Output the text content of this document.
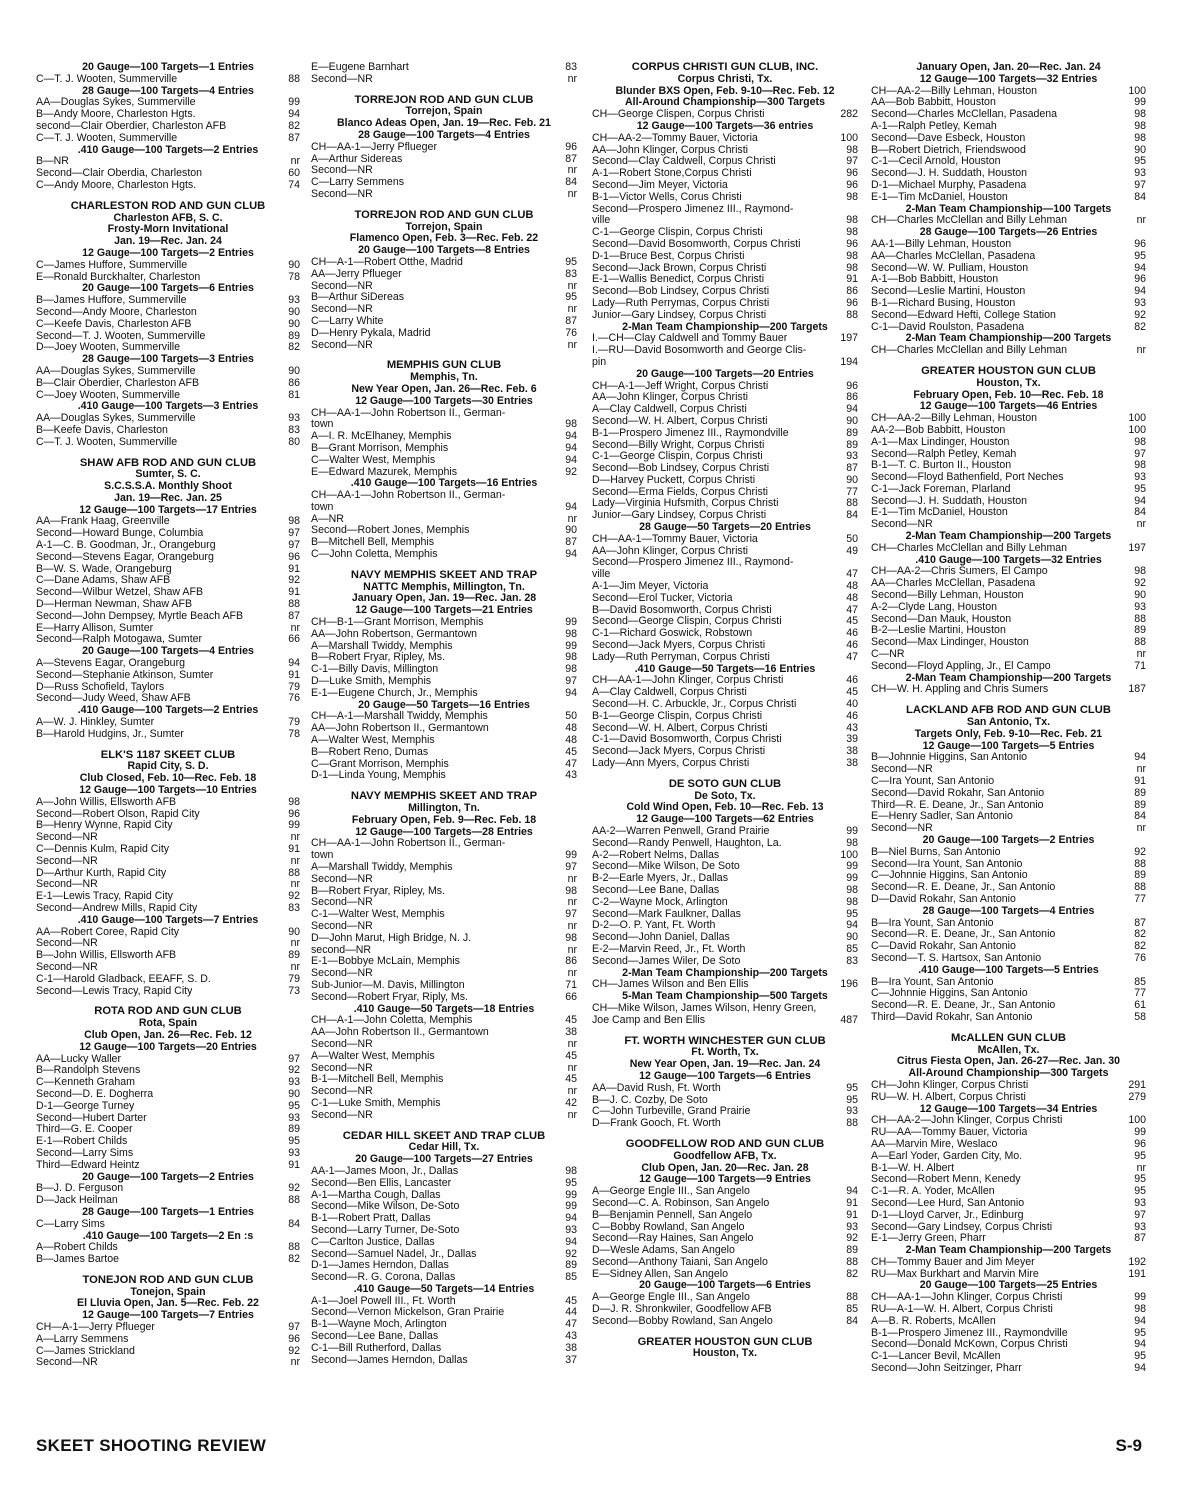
20 Gauge—100 Targets—1 Entries
C—T. J. Wooten, Summerville	88
28 Gauge—100 Targets—4 Entries
AA—Douglas Sykes, Summerville	99
B—Andy Moore, Charleston Hgts.	94
second—Clair Oberdier, Charleston AFB	82
C—T. J. Wooten, Summerville	87
.410 Gauge—100 Targets—2 Entries
B—NR	nr
Second—Clair Oberdia, Charleston	60
C—Andy Moore, Charleston Hgts.	74
CHARLESTON ROD AND GUN CLUB
Charleston AFB, S. C.
Frosty-Morn Invitational
Jan. 19—Rec. Jan. 24
12 Gauge—100 Targets—2 Entries
C—James Huffore, Summerville	90
E—Ronald Burckhalter, Charleston	78
20 Gauge—100 Targets—6 Entries
B—James Huffore, Summerville	93
Second—Andy Moore, Charleston	90
C—Keefe Davis, Charleston AFB	90
Second—T. J. Wooten, Summerville	89
D—Joey Wooten, Summerville	82
28 Gauge—100 Targets—3 Entries
AA—Douglas Sykes, Summerville	90
B—Clair Oberdier, Charleston AFB	86
C—Joey Wooten, Summerville	81
.410 Gauge—100 Targets—3 Entries
AA—Douglas Sykes, Summerville	93
B—Keefe Davis, Charleston	83
C—T. J. Wooten, Summerville	80
SHAW AFB ROD AND GUN CLUB
Sumter, S. C.
S.C.S.S.A. Monthly Shoot
Jan. 19—Rec. Jan. 25
12 Gauge—100 Targets—17 Entries
AA—Frank Haag, Greenville	98
Second—Howard Bunge, Columbia	97
A-1—C. B. Goodman, Jr., Orangeburg	97
Second—Stevens Eagar, Orangeburg	96
B—W. S. Wade, Orangeburg	91
C—Dane Adams, Shaw AFB	92
Second—Wilbur Wetzel, Shaw AFB	91
D—Herman Newman, Shaw AFB	88
Second—John Dempsey, Myrtle Beach AFB	87
E—Harry Allison, Sumter	nr
Second—Ralph Motogawa, Sumter	66
20 Gauge—100 Targets—4 Entries
A—Stevens Eagar, Orangeburg	94
Second—Stephanie Atkinson, Sumter	91
D—Russ Schofield, Taylors	79
Second—Judy Weed, Shaw AFB	76
.410 Gauge—100 Targets—2 Entries
A—W. J. Hinkley, Sumter	79
B—Harold Hudgins, Jr., Sumter	78
ELK'S 1187 SKEET CLUB
Rapid City, S. D.
Club Closed, Feb. 10—Rec. Feb. 18
12 Gauge—100 Targets—10 Entries
A—John Willis, Ellsworth AFB	98
Second—Robert Olson, Rapid City	96
B—Henry Wynne, Rapid City	99
Second—NR	nr
C—Dennis Kulm, Rapid City	91
Second—NR	nr
D—Arthur Kurth, Rapid City	88
Second—NR	nr
E-1—Lewis Tracy, Rapid City	92
Second—Andrew Mills, Rapid City	83
.410 Gauge—100 Targets—7 Entries
AA—Robert Coree, Rapid City	90
Second—NR	nr
B—John Willis, Ellsworth AFB	89
Second—NR	nr
C-1—Harold Gladback, EEAFF, S. D.	79
Second—Lewis Tracy, Rapid City	73
ROTA ROD AND GUN CLUB
Rota, Spain
Club Open, Jan. 26—Rec. Feb. 12
12 Gauge—100 Targets—20 Entries
AA—Lucky Waller	97
B—Randolph Stevens	92
C—Kenneth Graham	93
Second—D. E. Dogherra	90
D-1—George Turney	95
Second—Hubert Darter	93
Third—G. E. Cooper	89
E-1—Robert Childs	95
Second—Larry Sims	93
Third—Edward Heintz	91
20 Gauge—100 Targets—2 Entries
B—J. D. Ferguson	92
D—Jack Heilman	88
28 Gauge—100 Targets—1 Entries
C—Larry Sims	84
.410 Gauge—100 Targets—2 En :s
A—Robert Childs	88
B—James Bartoe	82
TONEJON ROD AND GUN CLUB
Tonejon, Spain
El Lluvia Open, Jan. 5—Rec. Feb. 22
12 Gauge—100 Targets—7 Entries
CH—A-1—Jerry Pflueger	97
A—Larry Semmens	96
C—James Strickland	92
Second—NR	nr
E—Eugene Barnhart	83
Second—NR	nr
TORREJON ROD AND GUN CLUB
Torrejon, Spain
Blanco Adeas Open, Jan. 19—Rec. Feb. 21
28 Gauge—100 Targets—4 Entries
CH—AA-1—Jerry Pflueger	96
A—Arthur Sidereas	87
Second—NR	nr
C—Larry Semmens	84
Second—NR	nr
TORREJON ROD AND GUN CLUB
Torrejon, Spain
Flamenco Open, Feb. 3—Rec. Feb. 22
20 Gauge—100 Targets—8 Entries
CH—A-1—Robert Otthe, Madrid	95
AA—Jerry Pflueger	83
Second—NR	nr
B—Arthur SiDereas	95
Second—NR	nr
C—Larry White	87
D—Henry Pykala, Madrid	76
Second—NR	nr
MEMPHIS GUN CLUB
Memphis, Tn.
New Year Open, Jan. 26—Rec. Feb. 6
12 Gauge—100 Targets—30 Entries
CH—AA-1—John Robertson II., German-
town	98
A—I. R. McElhaney, Memphis	94
B—Grant Morrison, Memphis	94
C—Walter West, Memphis	94
E—Edward Mazurek, Memphis	92
.410 Gauge—100 Targets—16 Entries
CH—AA-1—John Robertson II., German-
town	94
A—NR	nr
Second—Robert Jones, Memphis	90
B—Mitchell Bell, Memphis	87
C—John Coletta, Memphis	94
NAVY MEMPHIS SKEET AND TRAP
NATTC Memphis, Millington, Tn.
January Open, Jan. 19—Rec. Jan. 28
12 Gauge—100 Targets—21 Entries
CH—B-1—Grant Morrison, Memphis	99
AA—John Robertson, Germantown	98
A—Marshall Twiddy, Memphis	99
B—Robert Fryar, Ripley, Ms.	98
C-1—Billy Davis, Millington	98
D—Luke Smith, Memphis	97
E-1—Eugene Church, Jr., Memphis	94
20 Gauge—50 Targets—16 Entries
CH—A-1—Marshall Twiddy, Memphis	50
AA—John Robertson II., Germantown	48
A—Walter West, Memphis	48
B—Robert Reno, Dumas	45
C—Grant Morrison, Memphis	47
D-1—Linda Young, Memphis	43
NAVY MEMPHIS SKEET AND TRAP
Millington, Tn.
February Open, Feb. 9—Rec. Feb. 18
12 Gauge—100 Targets—28 Entries
CH—AA-1—John Robertson II., German-
town	99
A—Marshall Twiddy, Memphis	97
Second—NR	nr
B—Robert Fryar, Ripley, Ms.	98
Second—NR	nr
C-1—Walter West, Memphis	97
Second—NR	nr
D—John Marut, High Bridge, N. J.	98
second—NR	nr
E-1—Bobbye McLain, Memphis	86
Second—NR	nr
Sub-Junior—M. Davis, Millington	71
Second—Robert Fryar, Riply, Ms.	66
.410 Gauge—50 Targets—18 Entries
CH—A-1—John Coletta, Memphis	45
AA—John Robertson II., Germantown	38
Second—NR	nr
A—Walter West, Memphis	45
Second—NR	nr
B-1—Mitchell Bell, Memphis	45
Second—NR	nr
C-1—Luke Smith, Memphis	42
Second—NR	nr
CEDAR HILL SKEET AND TRAP CLUB
Cedar Hill, Tx.
20 Gauge—100 Targets—27 Entries
AA-1—James Moon, Jr., Dallas	98
Second—Ben Ellis, Lancaster	95
A-1—Martha Cough, Dallas	99
Second—Mike Wilson, De-Soto	99
B-1—Robert Pratt, Dallas	94
Second—Larry Turner, De-Soto	93
C—Carlton Justice, Dallas	94
Second—Samuel Nadel, Jr., Dallas	92
D-1—James Herndon, Dallas	89
Second—R. G. Corona, Dallas	85
.410 Gauge—50 Targets—14 Entries
A-1—Joel Powell III., Ft. Worth	45
Second—Vernon Mickelson, Gran Prairie	44
B-1—Wayne Moch, Arlington	47
Second—Lee Bane, Dallas	43
C-1—Bill Rutherford, Dallas	38
Second—James Herndon, Dallas	37
CORPUS CHRISTI GUN CLUB, INC.
Corpus Christi, Tx.
Blunder BXS Open, Feb. 9-10—Rec. Feb. 12
All-Around Championship—300 Targets
CH—George Clispen, Corpus Christi	282
12 Gauge—100 Targets—36 entries
CH—AA-2—Tommy Bauer, Victoria	100
AA—John Klinger, Corpus Christi	98
Second—Clay Caldwell, Corpus Christi	97
A-1—Robert Stone,Corpus Christi	96
Second—Jim Meyer, Victoria	96
B-1—Victor Wells, Corus Christi	98
Second—Prospero Jimenez III., Raymond-
ville	98
C-1—George Clispin, Corpus Christi	98
Second—David Bosomworth, Corpus Christi	96
D-1—Bruce Best, Corpus Christi	98
Second—Jack Brown, Corpus Christi	98
E-1—Wallis Benedict, Corpus Christi	91
Second—Bob Lindsey, Corpus Christi	86
Lady—Ruth Perrymas, Corpus Christi	96
Junior—Gary Lindsey, Corpus Christi	88
2-Man Team Championship—200 Targets
I.—CH—Clay Caldwell and Tommy Bauer	197
I.—RU—David Bosomworth and George Clis-
pin	194
20 Gauge—100 Targets—20 Entries
CH—A-1—Jeff Wright, Corpus Christi	96
AA—John Klinger, Corpus Christi	86
A—Clay Caldwell, Corpus Christi	94
Second—W. H. Albert, Corpus Christi	90
B-1—Prospero Jimenez III., Raymondville	89
Second—Billy Wright, Corpus Christi	89
C-1—George Clispin, Corpus Christi	93
Second—Bob Lindsey, Corpus Christi	87
D—Harvey Puckett, Corpus Christi	90
Second—Erma Fields, Corpus Christi	77
Lady—Virginia Hufsmith, Corpus Christi	88
Junior—Gary Lindsey, Corpus Christi	84
28 Gauge—50 Targets—20 Entries
CH—AA-1—Tommy Bauer, Victoria	50
AA—John Klinger, Corpus Christi	49
Second—Prospero Jimenez III., Raymond-
ville	47
A-1—Jim Meyer, Victoria	48
Second—Erol Tucker, Victoria	48
B—David Bosomworth, Corpus Christi	47
Second—George Clispin, Corpus Christi	45
C-1—Richard Goswick, Robstown	46
Second—Jack Myers, Corpus Christi	46
Lady—Ruth Perryman, Corpus Christi	47
.410 Gauge—50 Targets—16 Entries
CH—AA-1—John Klinger, Corpus Christi	46
A—Clay Caldwell, Corpus Christi	45
Second—H. C. Arbuckle, Jr., Corpus Christi	40
B-1—George Clispin, Corpus Christi	46
Second—W. H. Albert, Corpus Christi	43
C-1—David Bosomworth, Corpus Christi	39
Second—Jack Myers, Corpus Christi	38
Lady—Ann Myers, Corpus Christi	38
DE SOTO GUN CLUB
De Soto, Tx.
Cold Wind Open, Feb. 10—Rec. Feb. 13
12 Gauge—100 Targets—62 Entries
AA-2—Warren Penwell, Grand Prairie	99
Second—Randy Penwell, Haughton, La.	98
A-2—Robert Nelms, Dallas	100
Second—Mike Wilson, De Soto	99
B-2—Earle Myers, Jr., Dallas	99
Second—Lee Bane, Dallas	98
C-2—Wayne Mock, Arlington	98
Second—Mark Faulkner, Dallas	95
D-2—O. P. Yant, Ft. Worth	94
Second—John Daniel, Dallas	90
E-2—Marvin Reed, Jr., Ft. Worth	85
Second—James Wiler, De Soto	83
2-Man Team Championship—200 Targets
CH—James Wilson and Ben Ellis	196
5-Man Team Championship—500 Targets
CH—Mike Wilson, James Wilson, Henry Green,
Joe Camp and Ben Ellis	487
FT. WORTH WINCHESTER GUN CLUB
Ft. Worth, Tx.
New Year Open, Jan. 19—Rec. Jan. 24
12 Gauge—100 Targets—6 Entries
AA—David Rush, Ft. Worth	95
B—J. C. Cozby, De Soto	95
C—John Turbeville, Grand Prairie	93
D—Frank Gooch, Ft. Worth	88
GOODFELLOW ROD AND GUN CLUB
Goodfellow AFB, Tx.
Club Open, Jan. 20—Rec. Jan. 28
12 Gauge—100 Targets—9 Entries
A—George Engle III., San Angelo	94
Second—C. A. Robinson, San Angelo	91
B—Benjamin Pennell, San Angelo	91
C—Bobby Rowland, San Angelo	93
Second—Ray Haines, San Angelo	92
D—Wesle Adams, San Angelo	89
Second—Anthony Taiani, San Angelo	88
E—Sidney Allen, San Angelo	82
20 Gauge—100 Targets—6 Entries
A—George Engle III., San Angelo	88
D—J. R. Shronkwiler, Goodfellow AFB	85
Second—Bobby Rowland, San Angelo	84
GREATER HOUSTON GUN CLUB
Houston, Tx.
January Open, Jan. 20—Rec. Jan. 24
12 Gauge—100 Targets—32 Entries
CH—AA-2—Billy Lehman, Houston	100
AA—Bob Babbitt, Houston	99
Second—Charles McClellan, Pasadena	98
A-1—Ralph Petley, Kemah	98
Second—Dave Esbeck, Houston	98
B—Robert Dietrich, Friendswood	90
C-1—Cecil Arnold, Houston	95
Second—J. H. Suddath, Houston	93
D-1—Michael Murphy, Pasadena	97
E-1—Tim McDaniel, Houston	84
2-Man Team Championship—100 Targets
CH—Charles McClellan and Billy Lehman	nr
28 Gauge—100 Targets—26 Entries
AA-1—Billy Lehman, Houston	96
AA—Charles McClellan, Pasadena	95
Second—W. W. Pulliam, Houston	94
A-1—Bob Babbitt, Houston	96
Second—Leslie Martini, Houston	94
B-1—Richard Busing, Houston	93
Second—Edward Hefti, College Station	92
C-1—David Roulston, Pasadena	82
2-Man Team Championship—200 Targets
CH—Charles McClellan and Billy Lehman	nr
GREATER HOUSTON GUN CLUB
Houston, Tx.
February Open, Feb. 10—Rec. Feb. 18
12 Gauge—100 Targets—46 Entries
CH—AA-2—Billy Lehman, Houston	100
AA-2—Bob Babbitt, Houston	100
A-1—Max Lindinger, Houston	98
Second—Ralph Petley, Kemah	97
B-1—T. C. Burton II., Houston	98
Second—Floyd Bathenfield, Port Neches	93
C-1—Jack Foreman, Plarland	95
Second—J. H. Suddath, Houston	94
E-1—Tim McDaniel, Houston	84
Second—NR	nr
2-Man Team Championship—200 Targets
CH—Charles McClellan and Billy Lehman	197
.410 Gauge—100 Targets—32 Entries
CH—AA-2—Chris Sumers, El Campo	98
AA—Charles McClellan, Pasadena	92
Second—Billy Lehman, Houston	90
A-2—Clyde Lang, Houston	93
Second—Dan Mauk, Houston	88
B-2—Leslie Martini, Houston	89
Second—Max Lindinger, Houston	88
C—NR	nr
Second—Floyd Appling, Jr., El Campo	71
2-Man Team Championship—200 Targets
CH—W. H. Appling and Chris Sumers	187
LACKLAND AFB ROD AND GUN CLUB
San Antonio, Tx.
Targets Only, Feb. 9-10—Rec. Feb. 21
12 Gauge—100 Targets—5 Entries
B—Johnnie Higgins, San Antonio	94
Second—NR	nr
C—Ira Yount, San Antonio	91
Second—David Rokahr, San Antonio	89
Third—R. E. Deane, Jr., San Antonio	89
E—Henry Sadler, San Antonio	84
Second—NR	nr
20 Gauge—100 Targets—2 Entries
B—Niel Burns, San Antonio	92
Second—Ira Yount, San Antonio	88
C—Johnnie Higgins, San Antonio	89
Second—R. E. Deane, Jr., San Antonio	88
D—David Rokahr, San Antonio	77
28 Gauge—100 Targets—4 Entries
B—Ira Yount, San Antonio	87
Second—R. E. Deane, Jr., San Antonio	82
C—David Rokahr, San Antonio	82
Second—T. S. Hartsox, San Antonio	76
.410 Gauge—100 Targets—5 Entries
B—Ira Yount, San Antonio	85
C—Johnnie Higgins, San Antonio	77
Second—R. E. Deane, Jr., San Antonio	61
Third—David Rokahr, San Antonio	58
McALLEN GUN CLUB
McAllen, Tx.
Citrus Fiesta Open, Jan. 26-27—Rec. Jan. 30
All-Around Championship—300 Targets
CH—John Klinger, Corpus Christi	291
RU—W. H. Albert, Corpus Christi	279
12 Gauge—100 Targets—34 Entries
CH—AA-2—John Klinger, Corpus Christi	100
RU—AA—Tommy Bauer, Victoria	99
AA—Marvin Mire, Weslaco	96
A—Earl Yoder, Garden City, Mo.	95
B-1—W. H. Albert	nr
Second—Robert Menn, Kenedy	95
C-1—R. A. Yoder, McAllen	95
Second—Lee Hurd, San Antonio	93
D-1—Lloyd Carver, Jr., Edinburg	97
Second—Gary Lindsey, Corpus Christi	93
E-1—Jerry Green, Pharr	87
2-Man Team Championship—200 Targets
CH—Tommy Bauer and Jim Meyer	192
RU—Max Burkhart and Marvin Mire	191
20 Gauge—100 Targets—25 Entries
CH—AA-1—John Klinger, Corpus Christi	99
RU—A-1—W. H. Albert, Corpus Christi	98
A—B. R. Roberts, McAllen	94
B-1—Prospero Jimenez III., Raymondville	95
Second—Donald McKown, Corpus Christi	94
C-1—Lancer Bevil, McAllen	95
Second—John Seitzinger, Pharr	94
SKEET SHOOTING REVIEW	S-9
